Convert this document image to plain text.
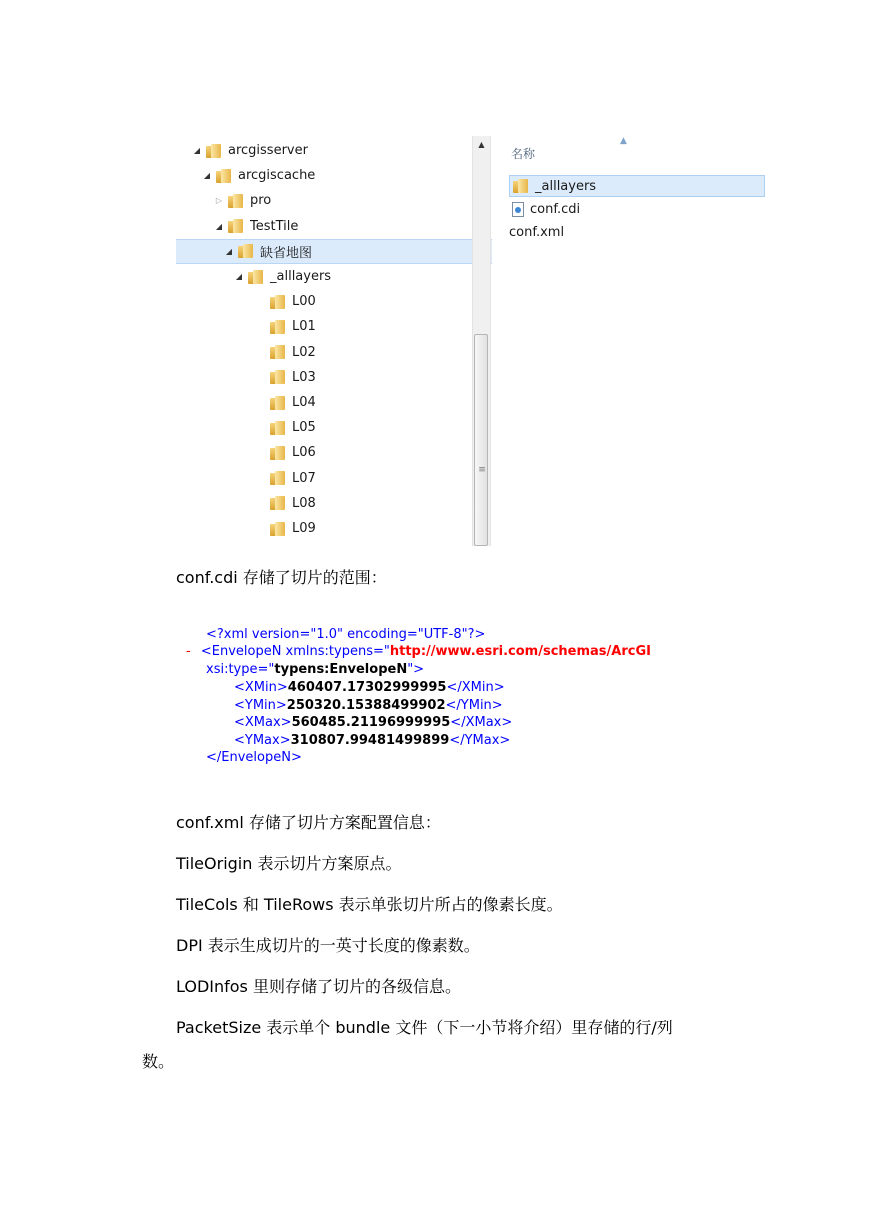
◢ arcgisserver
◢ arcgiscache
▷ pro
◢ TestTile
◢ 缺省地图
◢ _alllayers
L00
L01
L02
L03
L04
L05
L06
L07
L08
L09
▲
≡
▲
名称
_alllayers
conf.cdi
conf.xml
conf.cdi 存储了切片的范围：
<?xml version="1.0" encoding="UTF-8"?>
- <EnvelopeN xmlns:typens="http://www.esri.com/schemas/ArcGI
xsi:type="typens:EnvelopeN">
<XMin>460407.17302999995</XMin>
<YMin>250320.15388499902</YMin>
<XMax>560485.21196999995</XMax>
<YMax>310807.99481499899</YMax>
</EnvelopeN>
conf.xml 存储了切片方案配置信息：
TileOrigin 表示切片方案原点。
TileCols 和 TileRows 表示单张切片所占的像素长度。
DPI 表示生成切片的一英寸长度的像素数。
LODInfos 里则存储了切片的各级信息。
PacketSize 表示单个 bundle 文件（下一小节将介绍）里存储的行/列
数。
